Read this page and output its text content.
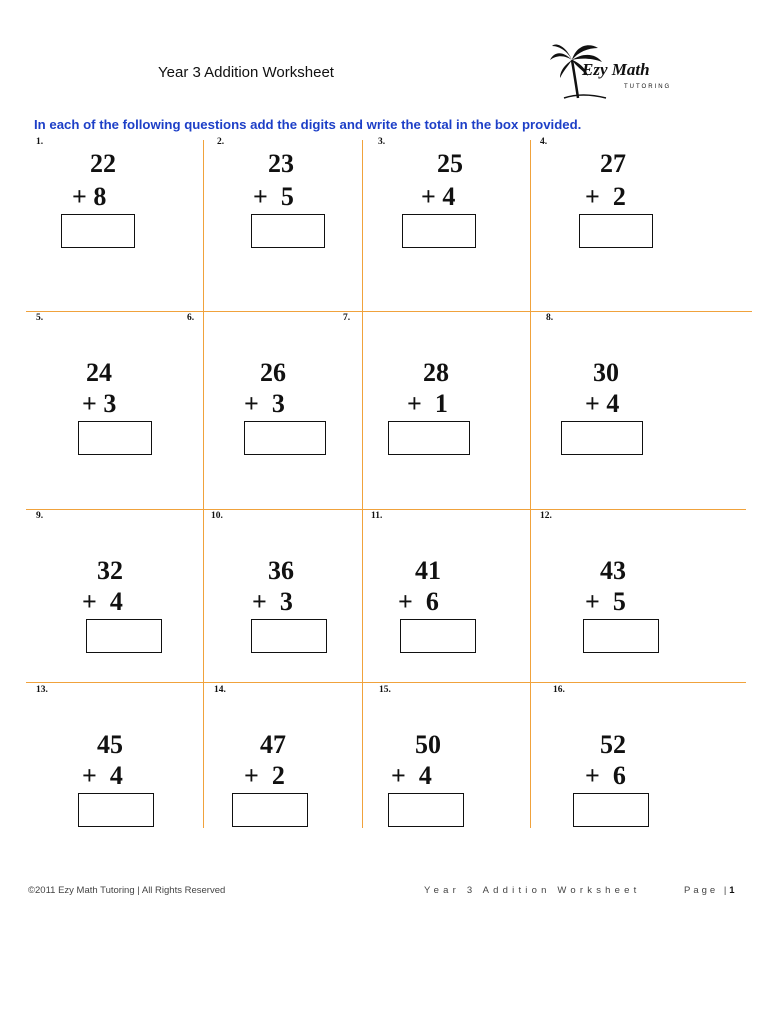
Year 3 Addition Worksheet	Ezy Math
TUTORING
In each of the following questions add the digits and write the total in the box provided.
1.
22
+ 8
2.
23
+  5
3.
25
+ 4
4.
27
+  2
5.
24
+ 3
6.
26
+  3
7.
28
+  1
8.
30
+ 4
9.
32
+  4
10.
36
+  3
11.
41
+  6
12.
43
+  5
13.
45
+  4
14.
47
+  2
15.
50
+  4
16.
52
+  6
©2011 Ezy Math Tutoring | All Rights Reserved	Year 3 Addition Worksheet	Page |1
